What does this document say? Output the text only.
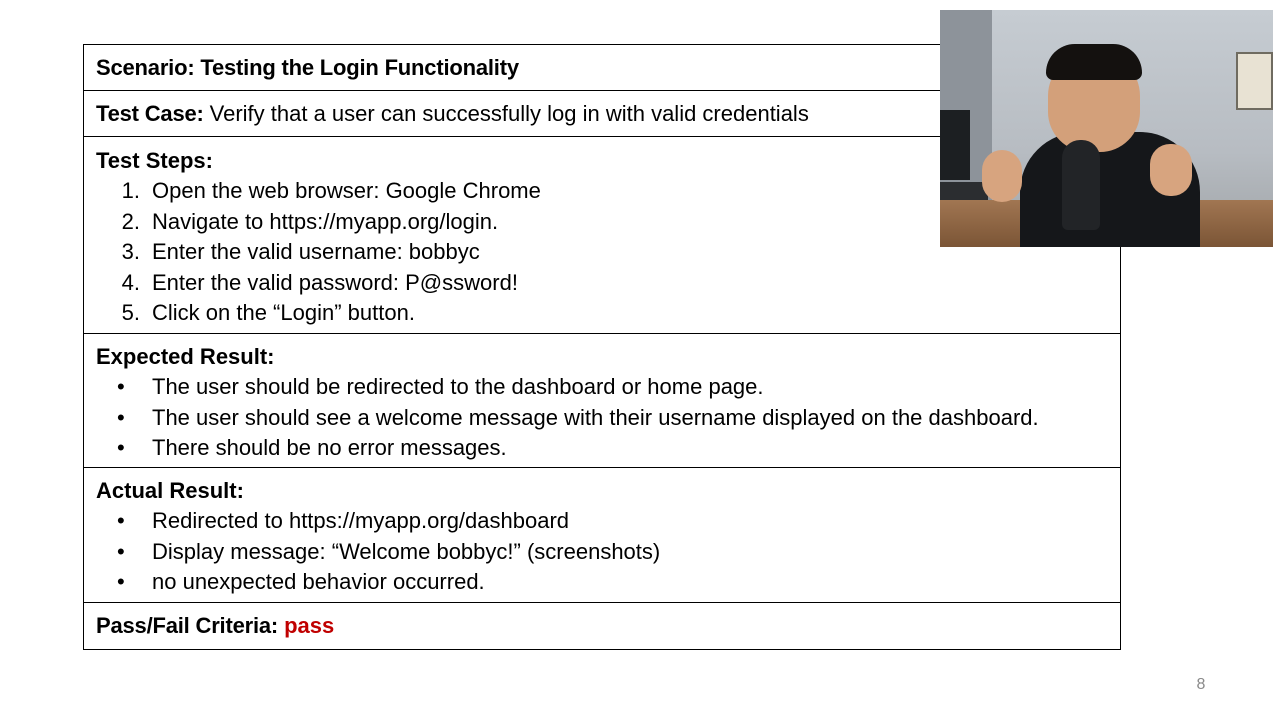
Scenario: Testing the Login Functionality
Test Case: Verify that a user can successfully log in with valid credentials
Test Steps:
1. Open the web browser: Google Chrome
2. Navigate to https://myapp.org/login.
3. Enter the valid username: bobbyc
4. Enter the valid password: P@ssword!
5. Click on the “Login” button.
Expected Result:
•	The user should be redirected to the dashboard or home page.
•	The user should see a welcome message with their username displayed on the dashboard.
•	There should be no error messages.
Actual Result:
•	Redirected to https://myapp.org/dashboard
•	Display message: “Welcome bobbyc!” (screenshots)
•	no unexpected behavior occurred.
Pass/Fail Criteria: pass
8
